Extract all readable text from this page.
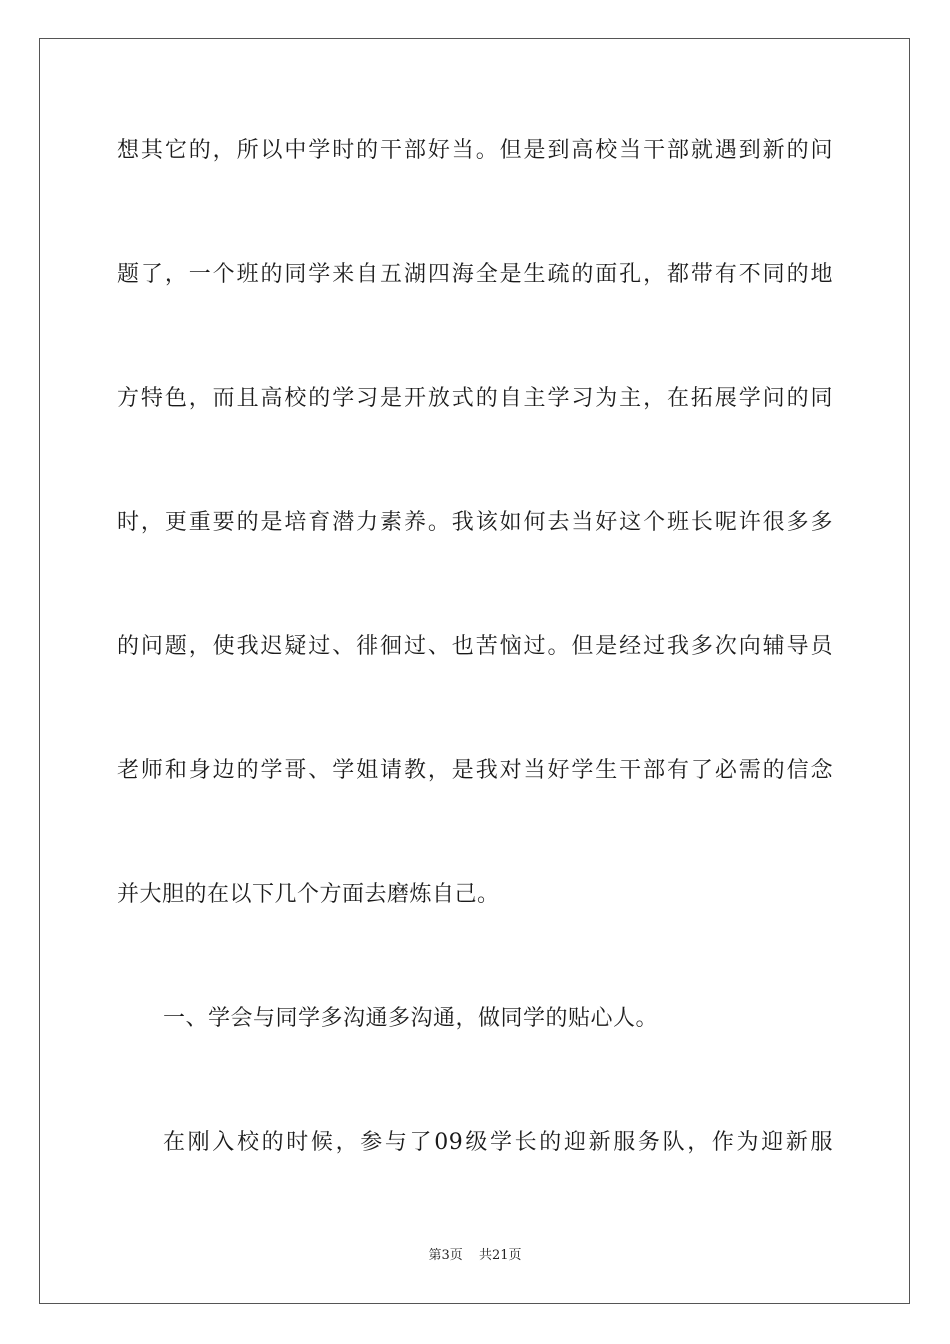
想其它的，所以中学时的干部好当。但是到高校当干部就遇到新的问
题了，一个班的同学来自五湖四海全是生疏的面孔，都带有不同的地
方特色，而且高校的学习是开放式的自主学习为主，在拓展学问的同
时，更重要的是培育潜力素养。我该如何去当好这个班长呢许很多多
的问题，使我迟疑过、徘徊过、也苦恼过。但是经过我多次向辅导员
老师和身边的学哥、学姐请教，是我对当好学生干部有了必需的信念
并大胆的在以下几个方面去磨炼自己。
一、学会与同学多沟通多沟通，做同学的贴心人。
在刚入校的时候，参与了09级学长的迎新服务队，作为迎新服
第3页 共21页
